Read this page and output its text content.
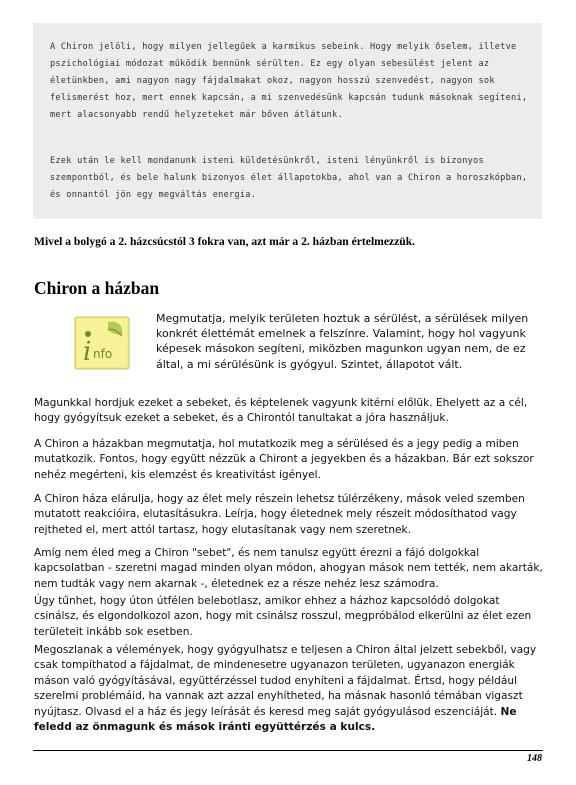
A Chiron jelöli, hogy milyen jellegűek a karmikus sebeink. Hogy melyik őselem, illetve pszichológiai módozat működik bennünk sérülten. Ez egy olyan sebesülést jelent az életünkben, ami nagyon nagy fájdalmakat okoz, nagyon hosszú szenvedést, nagyon sok felismerést hoz, mert ennek kapcsán, a mi szenvedésünk kapcsán tudunk másoknak segíteni, mert alacsonyabb rendű helyzeteket már bőven átlátunk.

Ezek után le kell mondanunk isteni küldetésünkről, isteni lényünkről is bizonyos szempontból, és bele halunk bizonyos élet állapotokba, ahol van a Chiron a horoszkópban, és onnantól jön egy megváltás energia.

Mivel a bolygó a 2. házcsúcstól 3 fokra van, azt már a 2. házban értelmezzük.
Chiron a házban
i nfo
Megmutatja, melyik területen hoztuk a sérülést, a sérülések milyen konkrét élettémát emelnek a felszínre. Valamint, hogy hol vagyunk képesek másokon segíteni, miközben magunkon ugyan nem, de ez által, a mi sérülésünk is gyógyul. Szintet, állapotot vált.

Magunkkal hordjuk ezeket a sebeket, és képtelenek vagyunk kitérni előlük. Ehelyett az a cél, hogy gyógyítsuk ezeket a sebeket, és a Chirontól tanultakat a jóra használjuk.

A Chiron a házakban megmutatja, hol mutatkozik meg a sérülésed és a jegy pedig a miben mutatkozik. Fontos, hogy együtt nézzük a Chiront a jegyekben és a házakban. Bár ezt sokszor nehéz megérteni, kis elemzést és kreativitást igényel.

A Chiron háza elárulja, hogy az élet mely részein lehetsz túlérzékeny, mások veled szemben mutatott reakcióira, elutasításukra. Leírja, hogy életednek mely részeit módosíthatod vagy rejtheted el, mert attól tartasz, hogy elutasítanak vagy nem szeretnek.

Amíg nem éled meg a Chiron "sebet", és nem tanulsz együtt érezni a fájó dolgokkal kapcsolatban - szeretni magad minden olyan módon, ahogyan mások nem tették, nem akarták, nem tudták vagy nem akarnak -, életednek ez a része nehéz lesz számodra.

Úgy tűnhet, hogy úton útfélen belebotlasz, amikor ehhez a házhoz kapcsolódó dolgokat csinálsz, és elgondolkozol azon, hogy mit csinálsz rosszul, megpróbálod elkerülni az élet ezen területeit inkább sok esetben.

Megoszlanak a vélemények, hogy gyógyulhatsz e teljesen a Chiron által jelzett sebekből, vagy csak tompíthatod a fájdalmat, de mindenesetre ugyanazon területen, ugyanazon energiák máson való gyógyításával, együttérzéssel tudod enyhíteni a fájdalmat. Értsd, hogy például szerelmi problémáid, ha vannak azt azzal enyhítheted, ha másnak hasonló témában vigaszt nyújtasz. Olvasd el a ház és jegy leírását és keresd meg saját gyógyulásod eszenciáját. Ne feledd az önmagunk és mások iránti együttérzés a kulcs.

148
